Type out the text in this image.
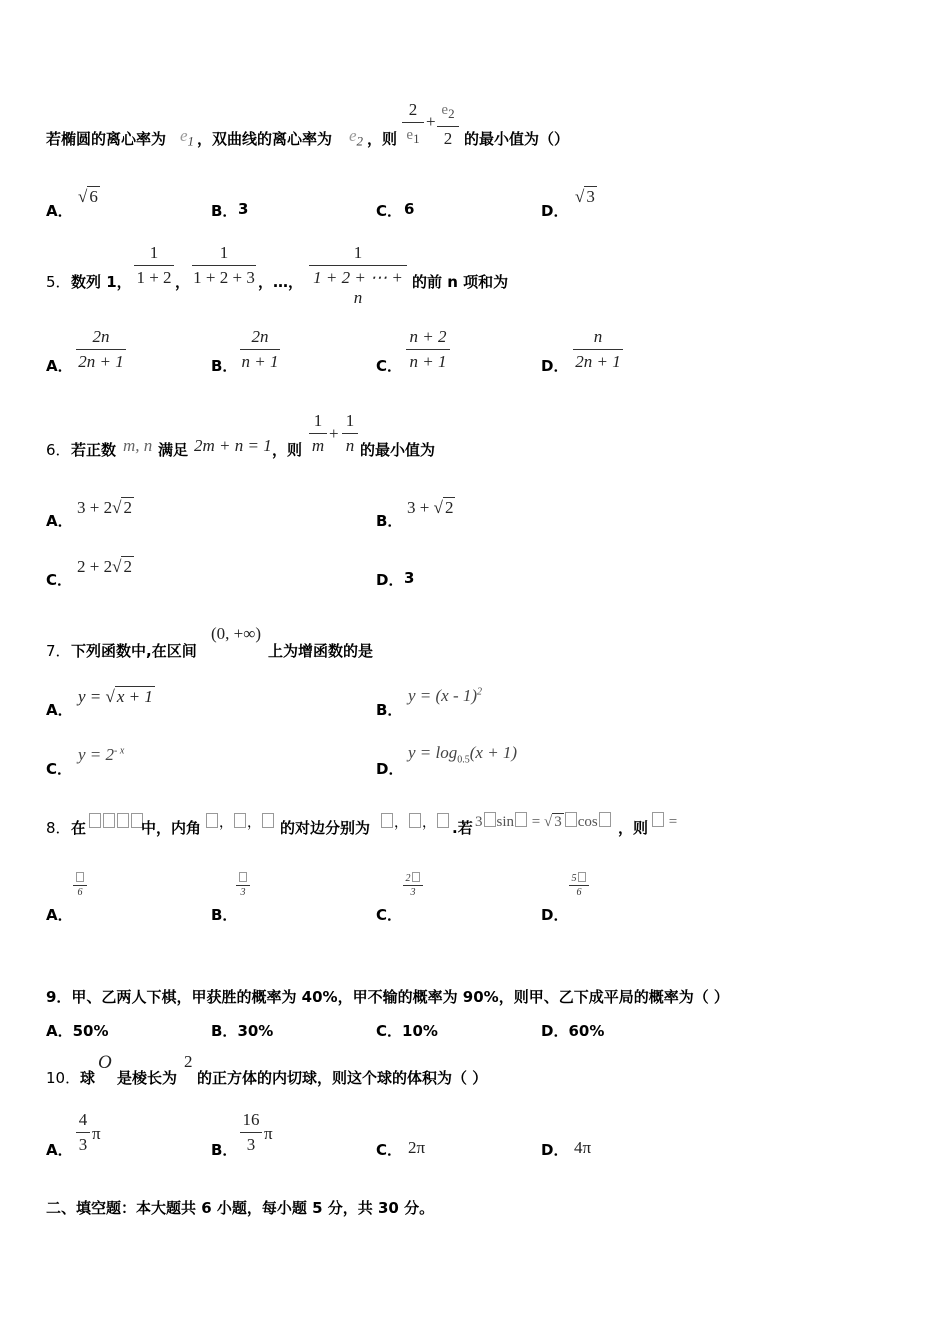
若椭圆的离心率为 $e_1$ ，双曲线的离心率为 $e_2$ ，则
2
$e_1$
+
$e_2$
2 的最小值为（）
A．
√ 6
B． 3	C． 6	D．
√ 3
5． 数列 1，
1
1 + 2 ，
1
1 + 2 + 3 ，…，
1
1 + 2 + ⋯ + n
的前 n 项和为
A．
2n
2n + 1	B．
2n
n + 1	C．
n + 2
n + 1	D．
n
2n + 1
6． 若正数 m, n 满足 2m + n = 1 ，则
1
m
+
1
n 的最小值为
A．
3 + 2√ 2
B．
3 + √ 2
C．
2 + 2√ 2
D． 3
7． 下列函数中,在区间
(0, +∞)
上为增函数的是
A．
y = √ x + 1
B．
y = (x - 1)$^2$
C．
$y = 2^{- x}$
D．
$y = \log_{0.5}(x + 1)$
8． 在	中，内角	， ，	的对边分别为	， ，	.若 3 sin = √ 3 cos	，则	=
A．
6
B．
3
C．
2
3
D．
5
6
9．甲、乙两人下棋，甲获胜的概率为 40%，甲不输的概率为 90%，则甲、乙下成平局的概率为（ ）
A．50%	B．30%	C．10%	D．60%
10． 球
O
是棱长为
2
的正方体的内切球，则这个球的体积为（ ）
A．
4
3
π
B．
16
3
π
C． 2π	D． 4π
二、填空题：本大题共 6 小题，每小题 5 分，共 30 分。
